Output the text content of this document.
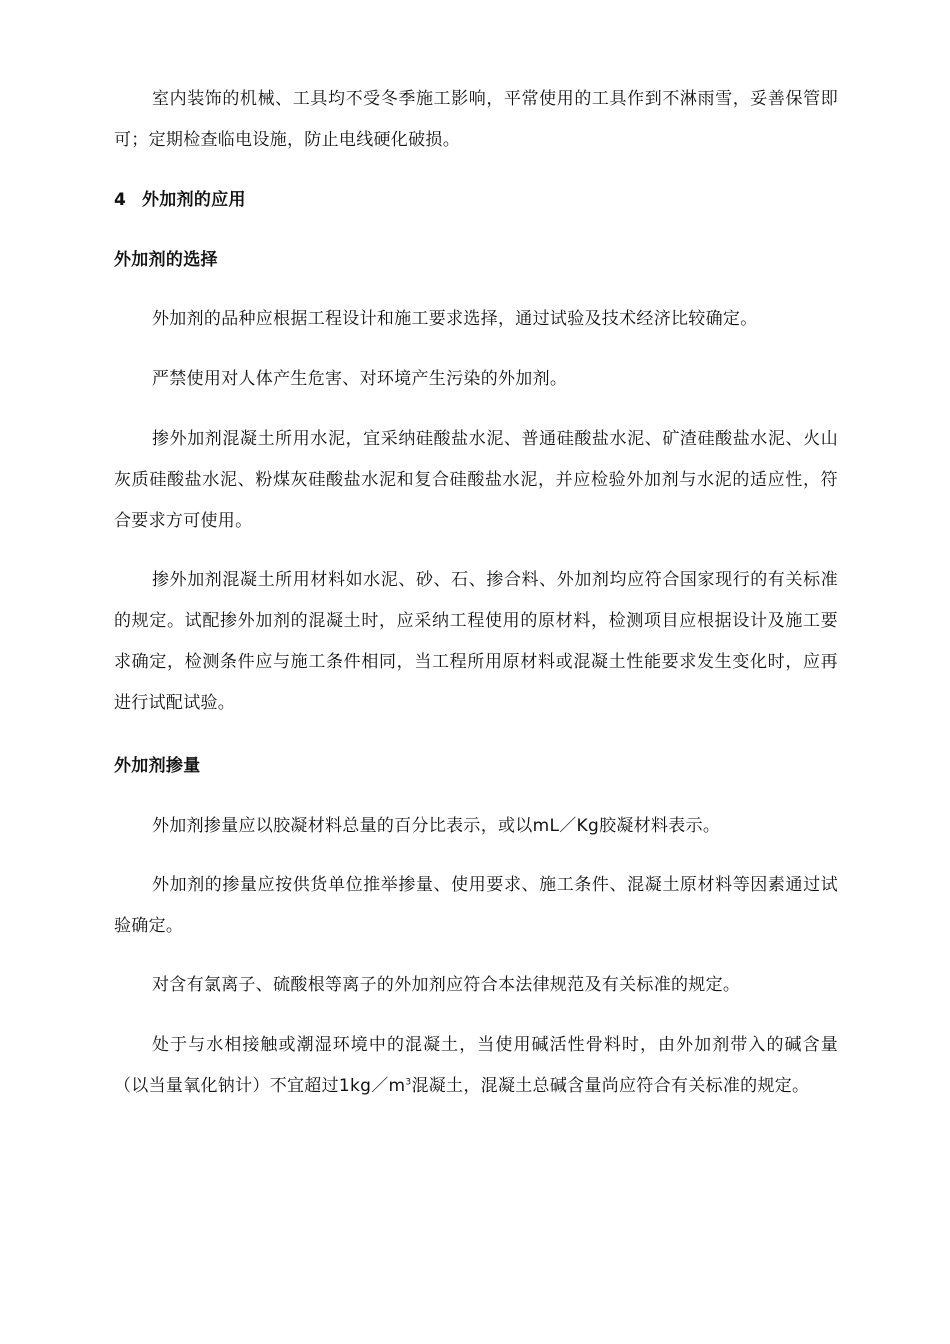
室内装饰的机械、工具均不受冬季施工影响，平常使用的工具作到不淋雨雪，妥善保管即可；定期检查临电设施，防止电线硬化破损。

4 外加剂的应用
外加剂的选择

外加剂的品种应根据工程设计和施工要求选择，通过试验及技术经济比较确定。

严禁使用对人体产生危害、对环境产生污染的外加剂。

掺外加剂混凝土所用水泥，宜采纳硅酸盐水泥、普通硅酸盐水泥、矿渣硅酸盐水泥、火山灰质硅酸盐水泥、粉煤灰硅酸盐水泥和复合硅酸盐水泥，并应检验外加剂与水泥的适应性，符合要求方可使用。

掺外加剂混凝土所用材料如水泥、砂、石、掺合料、外加剂均应符合国家现行的有关标准的规定。试配掺外加剂的混凝土时，应采纳工程使用的原材料，检测项目应根据设计及施工要求确定，检测条件应与施工条件相同，当工程所用原材料或混凝土性能要求发生变化时，应再进行试配试验。

外加剂掺量

外加剂掺量应以胶凝材料总量的百分比表示，或以mL／Kg胶凝材料表示。

外加剂的掺量应按供货单位推举掺量、使用要求、施工条件、混凝土原材料等因素通过试验确定。

对含有氯离子、硫酸根等离子的外加剂应符合本法律规范及有关标准的规定。

处于与水相接触或潮湿环境中的混凝土，当使用碱活性骨料时，由外加剂带入的碱含量（以当量氧化钠计）不宜超过$1kg/m^3$混凝土，混凝土总碱含量尚应符合有关标准的规定。
